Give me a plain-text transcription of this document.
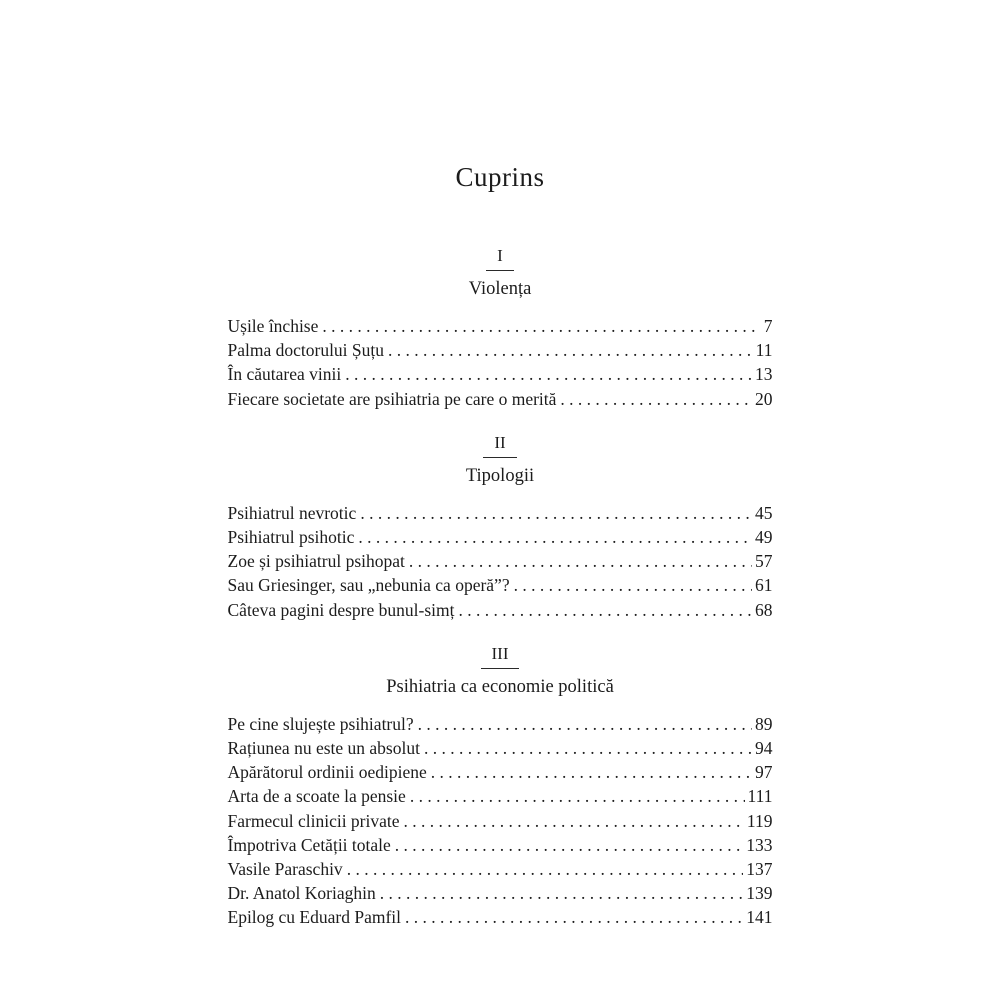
Cuprins
I
Violența
Ușile închise . . .	7
Palma doctorului Șuțu . . .	11
În căutarea vinii . . .	13
Fiecare societate are psihiatria pe care o merită . . .	20
II
Tipologii
Psihiatrul nevrotic . . .	45
Psihiatrul psihotic . . .	49
Zoe și psihiatrul psihopat . . .	57
Sau Griesinger, sau „nebunia ca operă”? . . .	61
Câteva pagini despre bunul-simț . . .	68
III
Psihiatria ca economie politică
Pe cine slujește psihiatrul? . . .	89
Rațiunea nu este un absolut . . .	94
Apărătorul ordinii oedipiene . . .	97
Arta de a scoate la pensie . . .	111
Farmecul clinicii private . . .	119
Împotriva Cetății totale . . .	133
Vasile Paraschiv . . .	137
Dr. Anatol Koriaghin . . .	139
Epilog cu Eduard Pamfil . . .	141
